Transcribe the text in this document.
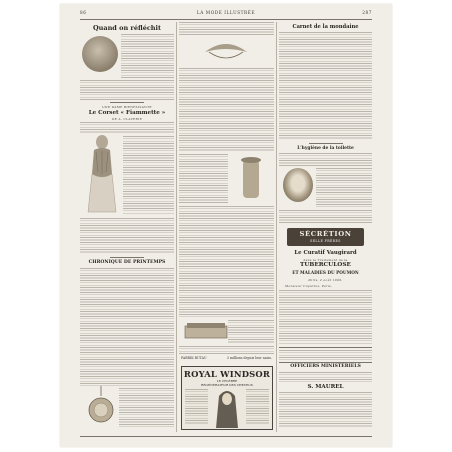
86	LA MODE ILLUSTRÉE	287
Quand on réfléchit
UNE DAME BIENFAISANTE
Le Corset « Fiammette »
DE A. CLAVERIE
CHRONIQUE DE PRINTEMPS
FABRIK BUTAU	3 millions depuis leur naiss.
ROYAL WINDSOR
LE CÉLÈBRE
RÉGÉNÉRATEUR DES CHEVEUX
Carnet de la mondaine
L'hygiène de la toilette
SÉCRÉTION
SELLE FRÈRES
Le Curatif Vaugirard
dans le Traitement de la
TUBERCULOSE
ET MALADIES DU POUMON
Paris, 2 août 1909.
Monsieur Cuputtes, Paris,
OFFICIERS MINISTÉRIELS
S. MAUREL
